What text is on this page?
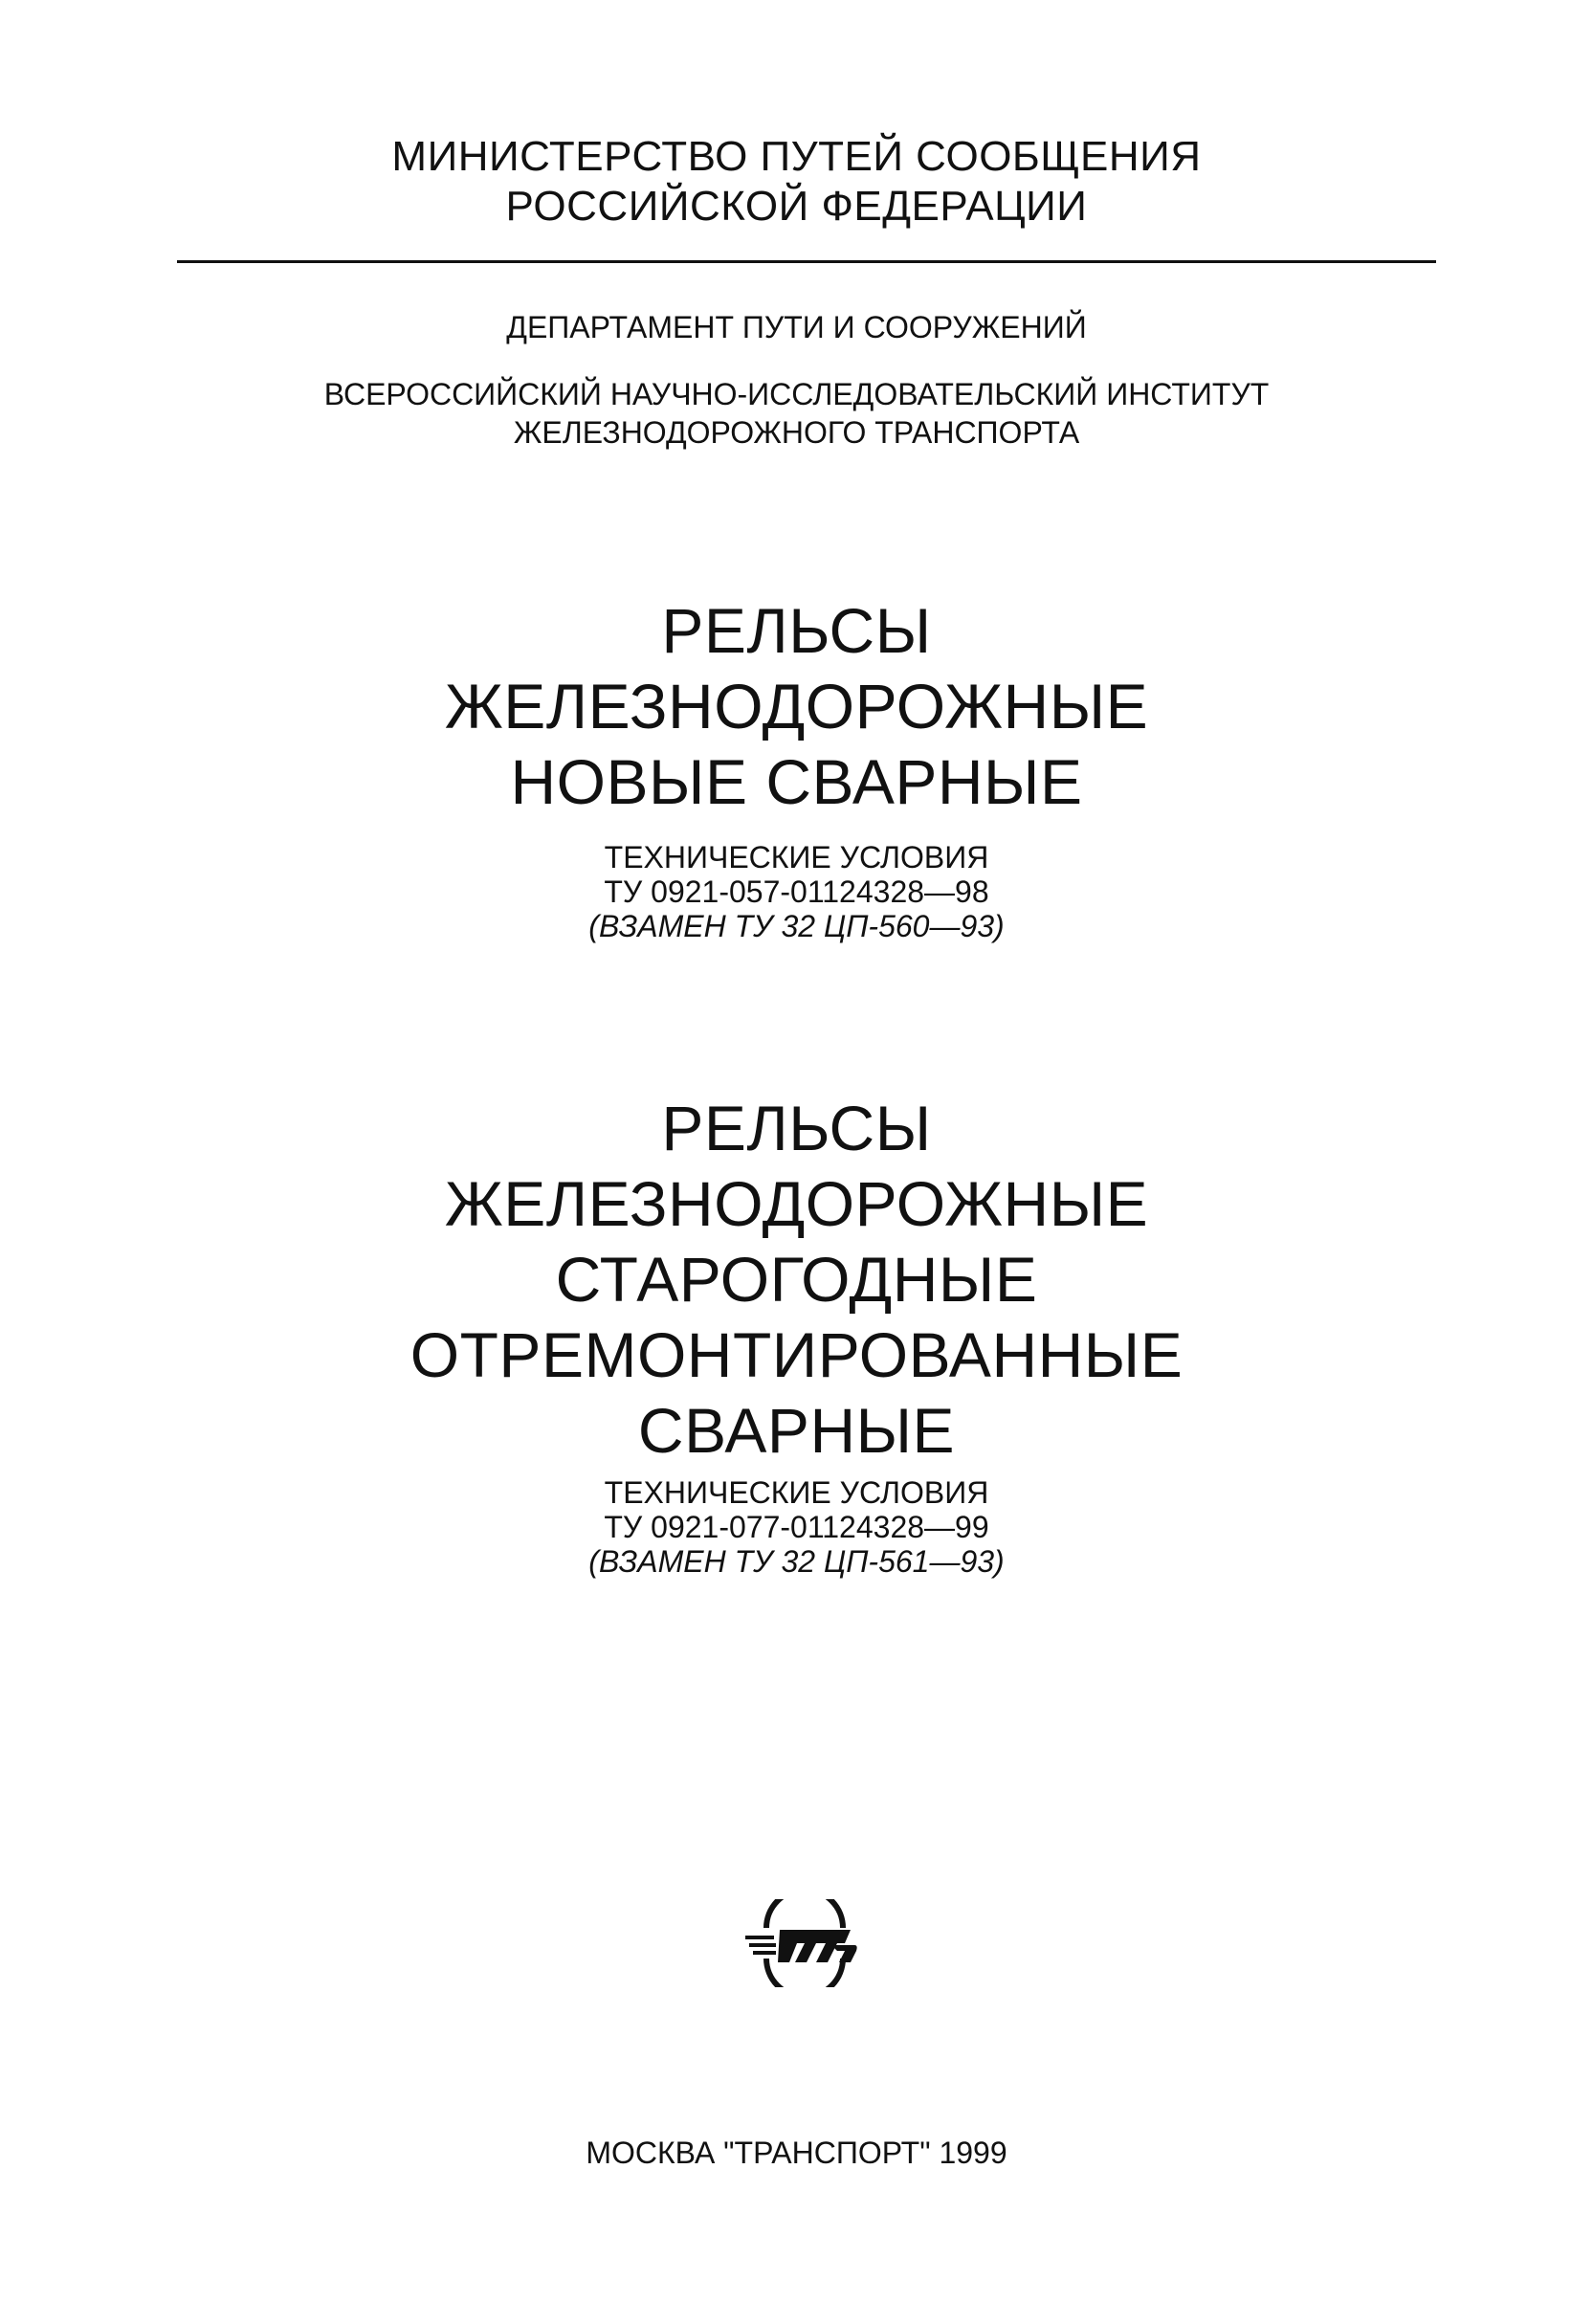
МИНИСТЕРСТВО ПУТЕЙ СООБЩЕНИЯ
РОССИЙСКОЙ ФЕДЕРАЦИИ
ДЕПАРТАМЕНТ ПУТИ И СООРУЖЕНИЙ
ВСЕРОССИЙСКИЙ НАУЧНО-ИССЛЕДОВАТЕЛЬСКИЙ ИНСТИТУТ
ЖЕЛЕЗНОДОРОЖНОГО ТРАНСПОРТА
РЕЛЬСЫ
ЖЕЛЕЗНОДОРОЖНЫЕ
НОВЫЕ СВАРНЫЕ
ТЕХНИЧЕСКИЕ УСЛОВИЯ
ТУ 0921-057-01124328—98
(ВЗАМЕН ТУ 32 ЦП-560—93)
РЕЛЬСЫ
ЖЕЛЕЗНОДОРОЖНЫЕ
СТАРОГОДНЫЕ
ОТРЕМОНТИРОВАННЫЕ
СВАРНЫЕ
ТЕХНИЧЕСКИЕ УСЛОВИЯ
ТУ 0921-077-01124328—99
(ВЗАМЕН ТУ 32 ЦП-561—93)
МОСКВА "ТРАНСПОРТ" 1999
